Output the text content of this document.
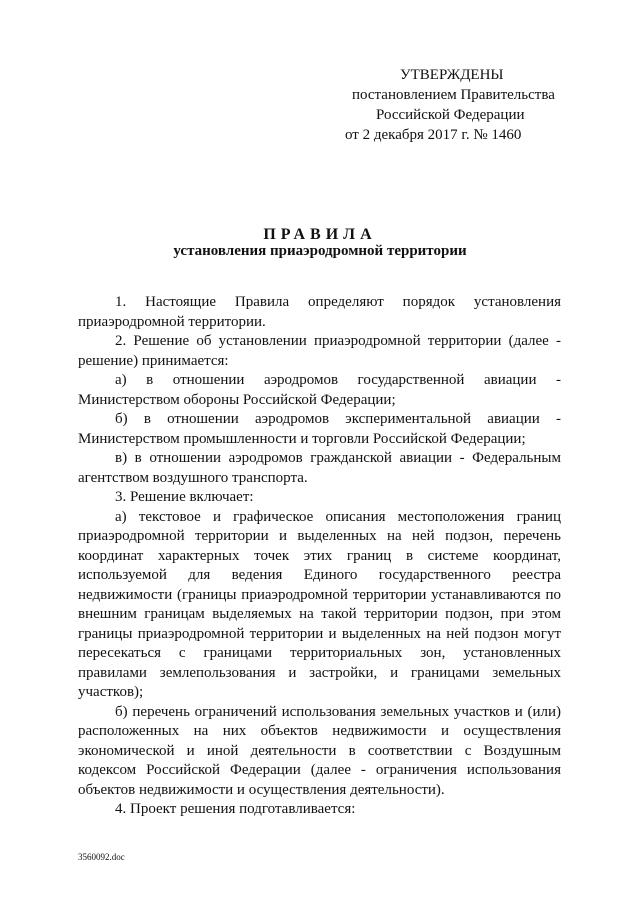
УТВЕРЖДЕНЫ
постановлением Правительства
Российской Федерации
от 2 декабря 2017 г. № 1460
ПРАВИЛА
установления приаэродромной территории

1. Настоящие Правила определяют порядок установления приаэродромной территории.

2. Решение об установлении приаэродромной территории (далее - решение) принимается:

а) в отношении аэродромов государственной авиации - Министерством обороны Российской Федерации;

б) в отношении аэродромов экспериментальной авиации - Министерством промышленности и торговли Российской Федерации;

в) в отношении аэродромов гражданской авиации - Федеральным агентством воздушного транспорта.

3. Решение включает:

а) текстовое и графическое описания местоположения границ приаэродромной территории и выделенных на ней подзон, перечень координат характерных точек этих границ в системе координат, используемой для ведения Единого государственного реестра недвижимости (границы приаэродромной территории устанавливаются по внешним границам выделяемых на такой территории подзон, при этом границы приаэродромной территории и выделенных на ней подзон могут пересекаться с границами территориальных зон, установленных правилами землепользования и застройки, и границами земельных участков);

б) перечень ограничений использования земельных участков и (или) расположенных на них объектов недвижимости и осуществления экономической и иной деятельности в соответствии с Воздушным кодексом Российской Федерации (далее - ограничения использования объектов недвижимости и осуществления деятельности).

4. Проект решения подготавливается:

3560092.doc
